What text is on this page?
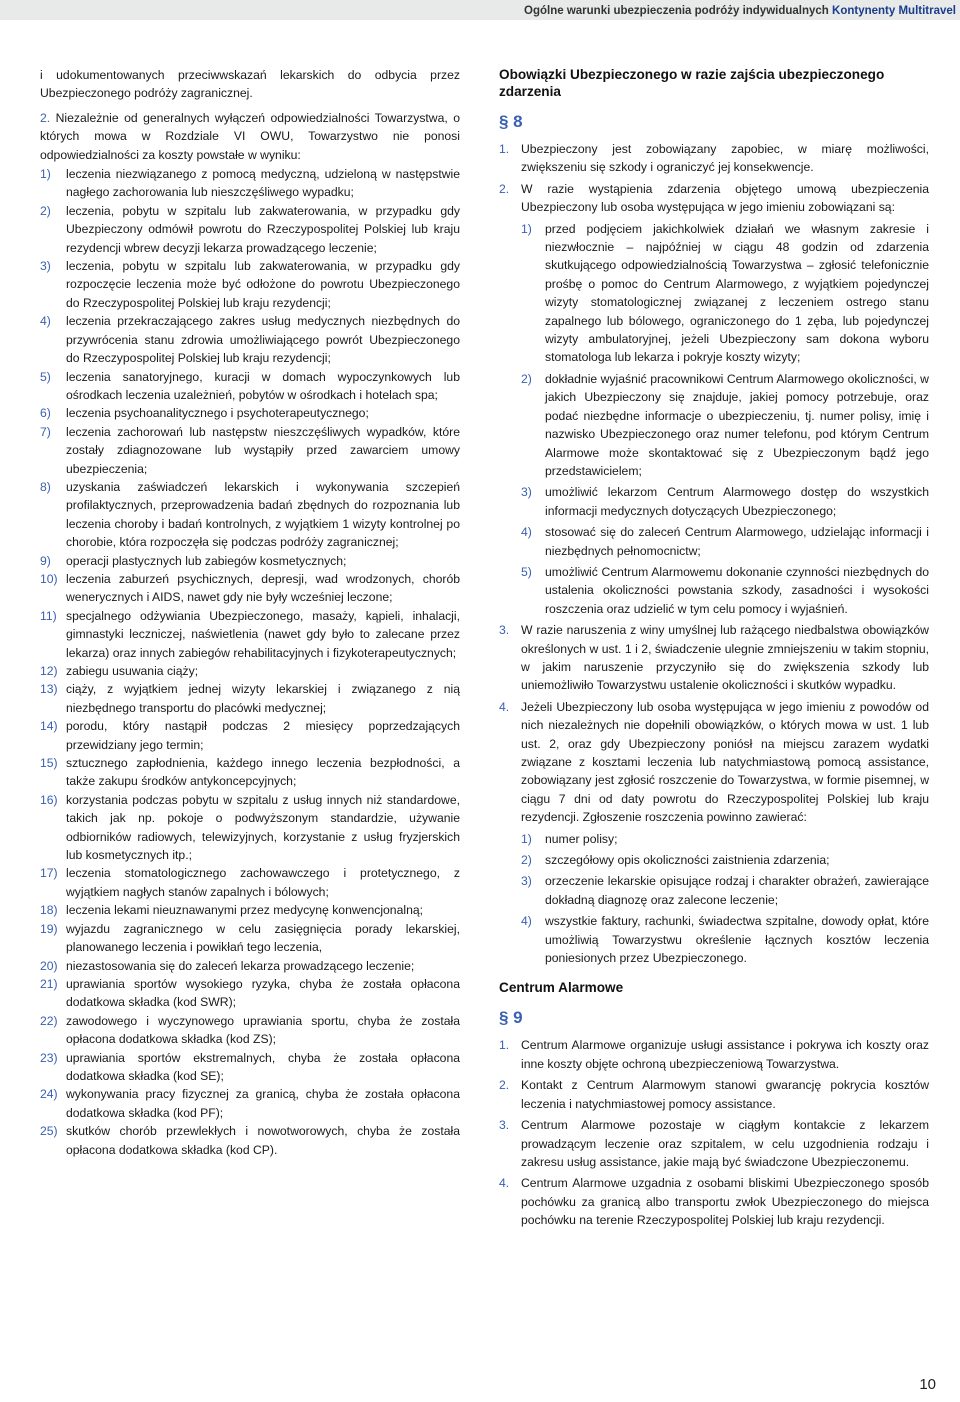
Ogólne warunki ubezpieczenia podróży indywidualnych Kontynenty Multitravel

i udokumentowanych przeciwwskazań lekarskich do odbycia przez Ubezpieczonego podróży zagranicznej.

2. Niezależnie od generalnych wyłączeń odpowiedzialności Towarzystwa, o których mowa w Rozdziale VI OWU, Towarzystwo nie ponosi odpowiedzialności za koszty powstałe w wyniku:

1)	leczenia niezwiązanego z pomocą medyczną, udzieloną w następstwie nagłego zachorowania lub nieszczęśliwego wypadku;
2)	leczenia, pobytu w szpitalu lub zakwaterowania, w przypadku gdy Ubezpieczony odmówił powrotu do Rzeczypospolitej Polskiej lub kraju rezydencji wbrew decyzji lekarza prowadzącego leczenie;
3)	leczenia, pobytu w szpitalu lub zakwaterowania, w przypadku gdy rozpoczęcie leczenia może być odłożone do powrotu Ubezpieczonego do Rzeczypospolitej Polskiej lub kraju rezydencji;
4)	leczenia przekraczającego zakres usług medycznych niezbędnych do przywrócenia stanu zdrowia umożliwiającego powrót Ubezpieczonego do Rzeczypospolitej Polskiej lub kraju rezydencji;
5)	leczenia sanatoryjnego, kuracji w domach wypoczynkowych lub ośrodkach leczenia uzależnień, pobytów w ośrodkach i hotelach spa;
6)	leczenia psychoanalitycznego i psychoterapeutycznego;
7)	leczenia zachorowań lub następstw nieszczęśliwych wypadków, które zostały zdiagnozowane lub wystąpiły przed zawarciem umowy ubezpieczenia;
8)	uzyskania zaświadczeń lekarskich i wykonywania szczepień profilaktycznych, przeprowadzenia badań zbędnych do rozpoznania lub leczenia choroby i badań kontrolnych, z wyjątkiem 1 wizyty kontrolnej po chorobie, która rozpoczęła się podczas podróży zagranicznej;
9)	operacji plastycznych lub zabiegów kosmetycznych;
10) leczenia zaburzeń psychicznych, depresji, wad wrodzonych, chorób wenerycznych i AIDS, nawet gdy nie były wcześniej leczone;
11) specjalnego odżywiania Ubezpieczonego, masaży, kąpieli, inhalacji, gimnastyki leczniczej, naświetlenia (nawet gdy było to zalecane przez lekarza) oraz innych zabiegów rehabilitacyjnych i fizykoterapeutycznych;
12) zabiegu usuwania ciąży;
13) ciąży, z wyjątkiem jednej wizyty lekarskiej i związanego z nią niezbędnego transportu do placówki medycznej;
14) porodu, który nastąpił podczas 2 miesięcy poprzedzających przewidziany jego termin;
15) sztucznego zapłodnienia, każdego innego leczenia bezpłodności, a także zakupu środków antykoncepcyjnych;
16) korzystania podczas pobytu w szpitalu z usług innych niż standardowe, takich jak np. pokoje o podwyższonym standardzie, używanie odbiorników radiowych, telewizyjnych, korzystanie z usług fryzjerskich lub kosmetycznych itp.;
17) leczenia stomatologicznego zachowawczego i protetycznego, z wyjątkiem nagłych stanów zapalnych i bólowych;
18) leczenia lekami nieuznawanymi przez medycynę konwencjonalną;
19) wyjazdu zagranicznego w celu zasięgnięcia porady lekarskiej, planowanego leczenia i powikłań tego leczenia,
20) niezastosowania się do zaleceń lekarza prowadzącego leczenie;
21) uprawiania sportów wysokiego ryzyka, chyba że została opłacona dodatkowa składka (kod SWR);
22) zawodowego i wyczynowego uprawiania sportu, chyba że została opłacona dodatkowa składka (kod ZS);
23) uprawiania sportów ekstremalnych, chyba że została opłacona dodatkowa składka (kod SE);
24) wykonywania pracy fizycznej za granicą, chyba że została opłacona dodatkowa składka (kod PF);
25) skutków chorób przewlekłych i nowotworowych, chyba że została opłacona dodatkowa składka (kod CP).
Obowiązki Ubezpieczonego w razie zajścia ubezpieczonego zdarzenia
§ 8
1. Ubezpieczony jest zobowiązany zapobiec, w miarę możliwości, zwiększeniu się szkody i ograniczyć jej konsekwencje.
2. W razie wystąpienia zdarzenia objętego umową ubezpieczenia Ubezpieczony lub osoba występująca w jego imieniu zobowiązani są:
1)	przed podjęciem jakichkolwiek działań we własnym zakresie i niezwłocznie – najpóźniej w ciągu 48 godzin od zdarzenia skutkującego odpowiedzialnością Towarzystwa – zgłosić telefonicznie prośbę o pomoc do Centrum Alarmowego, z wyjątkiem pojedynczej wizyty stomatologicznej związanej z leczeniem ostrego stanu zapalnego lub bólowego, ograniczonego do 1 zęba, lub pojedynczej wizyty ambulatoryjnej, jeżeli Ubezpieczony sam dokona wyboru stomatologa lub lekarza i pokryje koszty wizyty;
2)	dokładnie wyjaśnić pracownikowi Centrum Alarmowego okoliczności, w jakich Ubezpieczony się znajduje, jakiej pomocy potrzebuje, oraz podać niezbędne informacje o ubezpieczeniu, tj. numer polisy, imię i nazwisko Ubezpieczonego oraz numer telefonu, pod którym Centrum Alarmowe może skontaktować się z Ubezpieczonym bądź jego przedstawicielem;
3)	umożliwić lekarzom Centrum Alarmowego dostęp do wszystkich informacji medycznych dotyczących Ubezpieczonego;
4)	stosować się do zaleceń Centrum Alarmowego, udzielając informacji i niezbędnych pełnomocnictw;
5)	umożliwić Centrum Alarmowemu dokonanie czynności niezbędnych do ustalenia okoliczności powstania szkody, zasadności i wysokości roszczenia oraz udzielić w tym celu pomocy i wyjaśnień.
3. W razie naruszenia z winy umyślnej lub rażącego niedbalstwa obowiązków określonych w ust. 1 i 2, świadczenie ulegnie zmniejszeniu w takim stopniu, w jakim naruszenie przyczyniło się do zwiększenia szkody lub uniemożliwiło Towarzystwu ustalenie okoliczności i skutków wypadku.
4. Jeżeli Ubezpieczony lub osoba występująca w jego imieniu z powodów od nich niezależnych nie dopełnili obowiązków, o których mowa w ust. 1 lub ust. 2, oraz gdy Ubezpieczony poniósł na miejscu zarazem wydatki związane z kosztami leczenia lub natychmiastową pomocą assistance, zobowiązany jest zgłosić roszczenie do Towarzystwa, w formie pisemnej, w ciągu 7 dni od daty powrotu do Rzeczypospolitej Polskiej lub kraju rezydencji. Zgłoszenie roszczenia powinno zawierać:
1)	numer polisy;
2)	szczegółowy opis okoliczności zaistnienia zdarzenia;
3)	orzeczenie lekarskie opisujące rodzaj i charakter obrażeń, zawierające dokładną diagnozę oraz zalecone leczenie;
4)	wszystkie faktury, rachunki, świadectwa szpitalne, dowody opłat, które umożliwią Towarzystwu określenie łącznych kosztów leczenia poniesionych przez Ubezpieczonego.
Centrum Alarmowe
§ 9
1. Centrum Alarmowe organizuje usługi assistance i pokrywa ich koszty oraz inne koszty objęte ochroną ubezpieczeniową Towarzystwa.
2. Kontakt z Centrum Alarmowym stanowi gwarancję pokrycia kosztów leczenia i natychmiastowej pomocy assistance.
3. Centrum Alarmowe pozostaje w ciągłym kontakcie z lekarzem prowadzącym leczenie oraz szpitalem, w celu uzgodnienia rodzaju i zakresu usług assistance, jakie mają być świadczone Ubezpieczonemu.
4. Centrum Alarmowe uzgadnia z osobami bliskimi Ubezpieczonego sposób pochówku za granicą albo transportu zwłok Ubezpieczonego do miejsca pochówku na terenie Rzeczypospolitej Polskiej lub kraju rezydencji.
10
